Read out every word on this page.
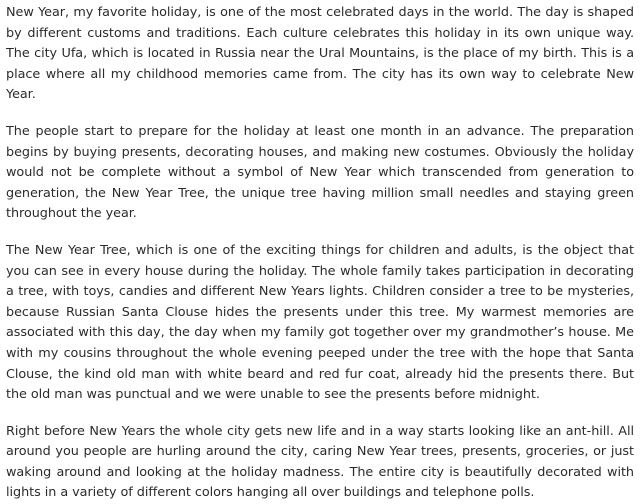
New Year, my favorite holiday, is one of the most celebrated days in the world. The day is shaped by different customs and traditions. Each culture celebrates this holiday in its own unique way. The city Ufa, which is located in Russia near the Ural Mountains, is the place of my birth. This is a place where all my childhood memories came from. The city has its own way to celebrate New Year.

The people start to prepare for the holiday at least one month in an advance. The preparation begins by buying presents, decorating houses, and making new costumes. Obviously the holiday would not be complete without a symbol of New Year which transcended from generation to generation, the New Year Tree, the unique tree having million small needles and staying green throughout the year.

The New Year Tree, which is one of the exciting things for children and adults, is the object that you can see in every house during the holiday. The whole family takes participation in decorating a tree, with toys, candies and different New Years lights. Children consider a tree to be mysteries, because Russian Santa Clouse hides the presents under this tree. My warmest memories are associated with this day, the day when my family got together over my grandmother’s house. Me with my cousins throughout the whole evening peeped under the tree with the hope that Santa Clouse, the kind old man with white beard and red fur coat, already hid the presents there. But the old man was punctual and we were unable to see the presents before midnight.

Right before New Years the whole city gets new life and in a way starts looking like an ant-hill. All around you people are hurling around the city, caring New Year trees, presents, groceries, or just waking around and looking at the holiday madness. The entire city is beautifully decorated with lights in a variety of different colors hanging all over buildings and telephone polls.
